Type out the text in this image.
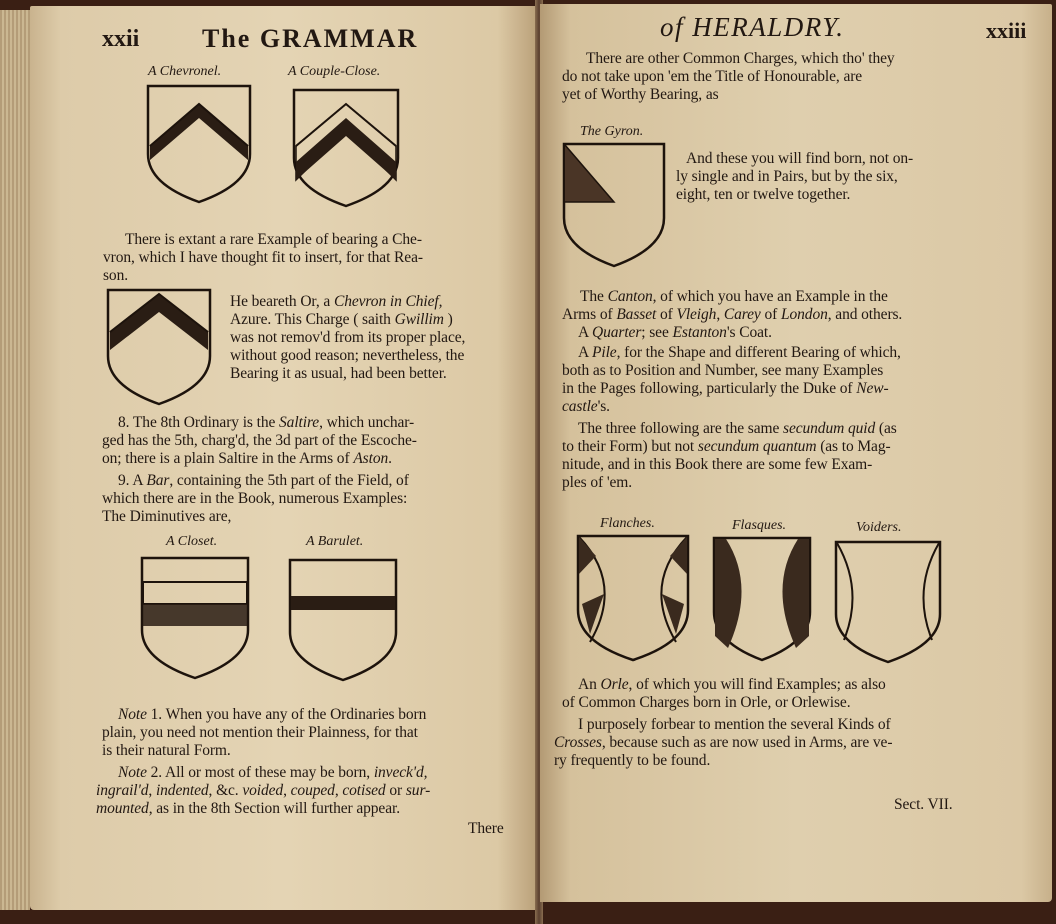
xxii The GRAMMAR
A Chevronel.	A Couple-Close.
There is extant a rare Example of bearing a Che-
vron, which I have thought fit to insert, for that Rea-
son.
He beareth Or, a Chevron in Chief,
Azure. This Charge ( saith Gwillim )
was not remov'd from its proper place,
without good reason; nevertheless, the
Bearing it as usual, had been better.
8. The 8th Ordinary is the Saltire, which unchar-
ged has the 5th, charg'd, the 3d part of the Escoche-
on; there is a plain Saltire in the Arms of Aston.
9. A Bar, containing the 5th part of the Field, of
which there are in the Book, numerous Examples:
The Diminutives are,
A Closet.	A Barulet.
Note 1. When you have any of the Ordinaries born
plain, you need not mention their Plainness, for that
is their natural Form.
Note 2. All or most of these may be born, inveck'd,
ingrail'd, indented, &c. voided, couped, cotised or sur-
mounted, as in the 8th Section will further appear.
There
of HERALDRY.	xxiii
There are other Common Charges, which tho' they
do not take upon 'em the Title of Honourable, are
yet of Worthy Bearing, as
The Gyron.
And these you will find born, not on-
ly single and in Pairs, but by the six,
eight, ten or twelve together.
The Canton, of which you have an Example in the
Arms of Basset of Vleigh, Carey of London, and others.
A Quarter; see Estanton's Coat.
A Pile, for the Shape and different Bearing of which,
both as to Position and Number, see many Examples
in the Pages following, particularly the Duke of New-
castle's.
The three following are the same secundum quid (as
to their Form) but not secundum quantum (as to Mag-
nitude, and in this Book there are some few Exam-
ples of 'em.
Flanches.	Flasques.	Voiders.
An Orle, of which you will find Examples; as also
of Common Charges born in Orle, or Orlewise.
I purposely forbear to mention the several Kinds of
Crosses, because such as are now used in Arms, are ve-
ry frequently to be found.
Sect. VII.
